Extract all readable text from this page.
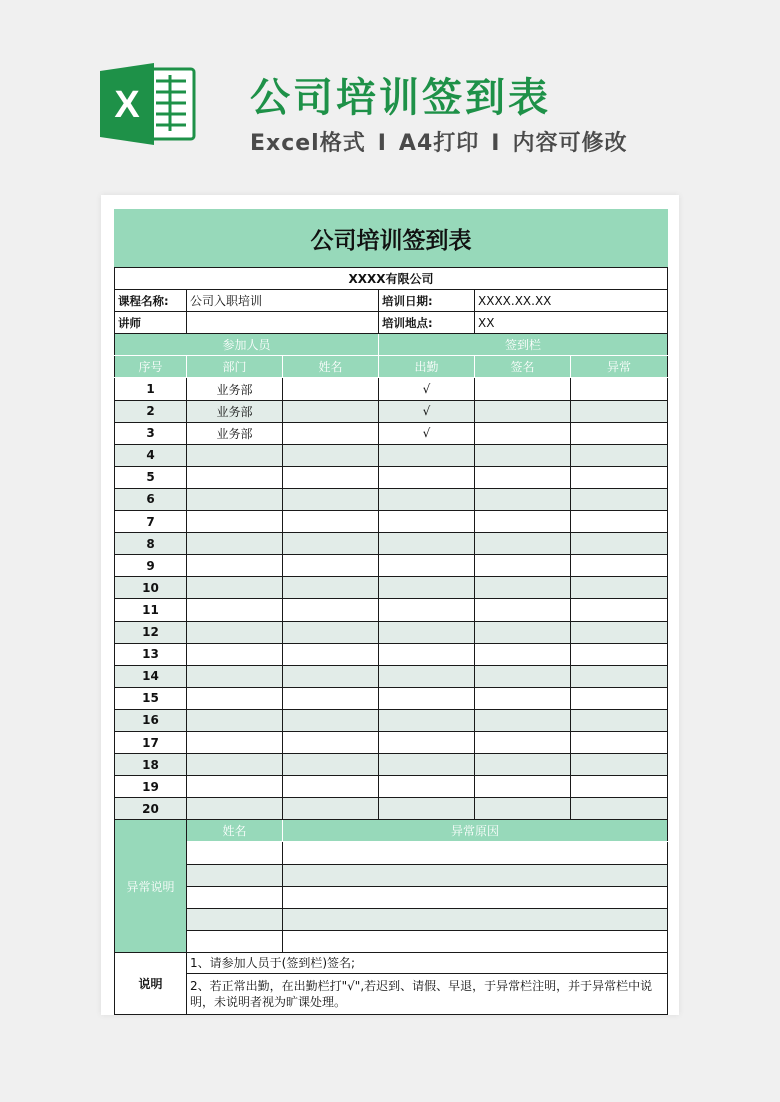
X	公司培训签到表
Excel格式 I A4打印 I 内容可修改
公司培训签到表					
XXXX有限公司					
课程名称:	公司入职培训		培训日期:	XXXX.XX.XX	
讲师			培训地点:	XX	
参加人员			签到栏		
序号	部门	姓名	出勤	签名	异常
1	业务部		√		
2	业务部		√		
3	业务部		√		
4					
5					
6					
7					
8					
9					
10					
11					
12					
13					
14					
15					
16					
17					
18					
19					
20					
异常说明	姓名	异常原因			

说明	1、请参加人员于(签到栏)签名;				
	2、若正常出勤，在出勤栏打"√",若迟到、请假、早退，于异常栏注明，并于异常栏中说明，未说明者视为旷课处理。				
